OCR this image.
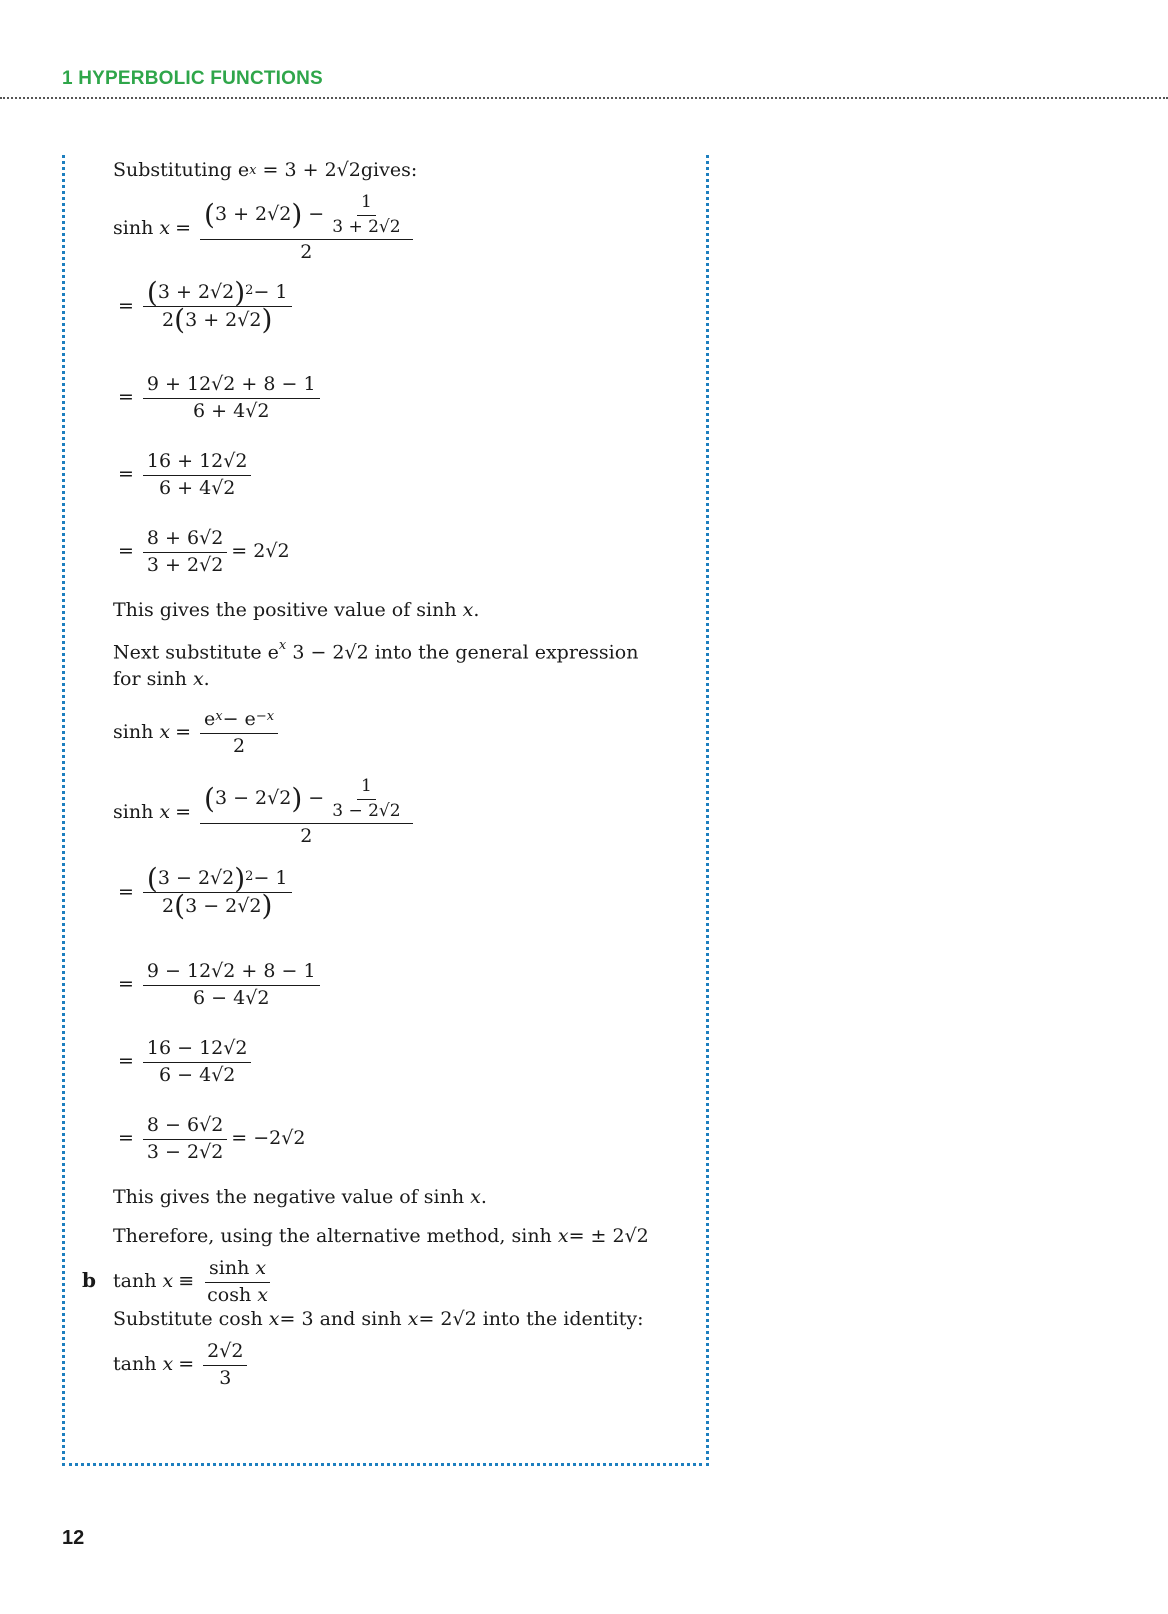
1 HYPERBOLIC FUNCTIONS
Substituting $e^x$
= 3 + 2√2 gives:
sinh
x = ( 3 + 2√2 )
− $\frac{1}{3 + 2√2}$
2
= $\frac{( 3 + 2√2 )^2 - 1}{2 ( 3 + 2√2 )}$
= $\frac{9 + 12√2 + 8 - 1}{6 + 4√2}$
= $\frac{16 + 12√2}{6 + 4√2}$
= $\frac{8 + 6√2}{3 + 2√2} = 2√2$
This gives the positive value of sinh
x .
Next substitute $e^x$ 3 − 2√2 into the general expression for sinh x.
sinh
$x = \frac{e^x - e^{-x}}{2}$
sinh
x = ( 3 − 2√2 )
− $\frac{1}{3 - 2√2}$
2
= $\frac{( 3 - 2√2 )^2 - 1}{2 ( 3 - 2√2 )}$
= $\frac{9 - 12√2 + 8 - 1}{6 - 4√2}$
= $\frac{16 - 12√2}{6 - 4√2}$
= $\frac{8 - 6√2}{3 - 2√2} = -2√2$
This gives the negative value of sinh
x .
Therefore, using the alternative method, sinh
x = ± 2√2
b tanh
x ≡ sinh
x
cosh
x
Substitute cosh
x = 3 and sinh
x = 2√2 into the identity:
tanh
$x = \frac{2√2}{3}$
12
